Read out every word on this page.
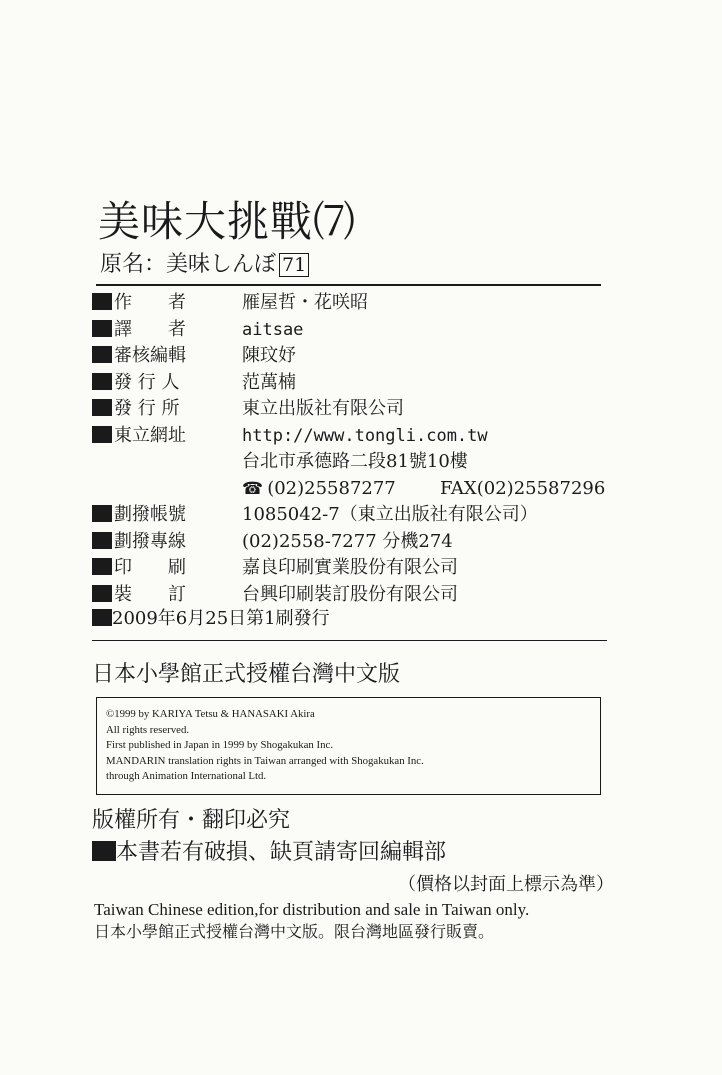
美味大挑戰⑺
原名：美味しんぼ 71
作　　者	雁屋哲・花咲昭
譯　　者	aitsae
審核編輯	陳玟妤
發 行 人	范萬楠
發 行 所	東立出版社有限公司
東立網址	http://www.tongli.com.tw
台北市承德路二段81號10樓
☎ (02)25587277 FAX(02)25587296
劃撥帳號	1085042-7（東立出版社有限公司）
劃撥專線	(02)2558-7277 分機274
印　　刷	嘉良印刷實業股份有限公司
裝　　訂	台興印刷裝訂股份有限公司
2009年6月25日第1刷發行
日本小學館正式授權台灣中文版
©1999 by KARIYA Tetsu & HANASAKI Akira
All rights reserved.
First published in Japan in 1999 by Shogakukan Inc.
MANDARIN translation rights in Taiwan arranged with Shogakukan Inc.
through Animation International Ltd.
版權所有・翻印必究
本書若有破損、缺頁請寄回編輯部
（價格以封面上標示為準）
Taiwan Chinese edition,for distribution and sale in Taiwan only.
日本小學館正式授權台灣中文版。限台灣地區發行販賣。
